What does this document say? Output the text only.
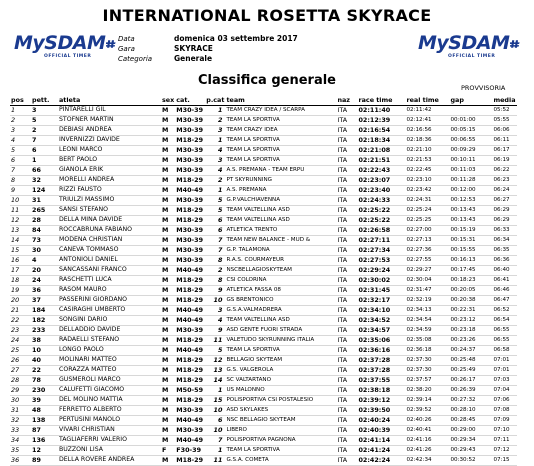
INTERNATIONAL ROSETTA SKYRACE
MySDAM
OFFICIAL TIMER
Data	domenica 03 settembre 2017
Gara	SKYRACE
Categoria	Generale
MySDAM
OFFICIAL TIMER
Classifica generale	PROVVISORIA
pos	pett.	atleta	sex	cat.	p.cat	team	naz	race time	real time	gap	media
1	3	PINTARELLI GIL	M	M30-39	1	TEAM CRAZY IDEA / SCARPA	ITA	02:11:40	02:11:42		05:52
2	5	STOFNER MARTIN	M	M30-39	2	TEAM LA SPORTIVA	ITA	02:12:39	02:12:41	00:01:00	05:55
3	2	DEBIASI ANDREA	M	M30-39	3	TEAM CRAZY IDEA	ITA	02:16:54	02:16:56	00:05:15	06:06
4	7	INVERNIZZI DAVIDE	M	M18-29	1	TEAM LA SPORTIVA	ITA	02:18:34	02:18:36	00:06:55	06:11
5	6	LEONI MARCO	M	M30-39	4	TEAM LA SPORTIVA	ITA	02:21:08	02:21:10	00:09:29	06:17
6	1	BERT PAOLO	M	M30-39	3	TEAM LA SPORTIVA	ITA	02:21:51	02:21:53	00:10:11	06:19
7	66	GIANOLA ERIK	M	M30-39	4	A.S. PREMANA - TEAM ERPU	ITA	02:22:43	02:22:45	00:11:03	06:22
8	32	MORELLI ANDREA	M	M18-29	2	PT SKYRUNNING	ITA	02:23:07	02:23:10	00:11:28	06:23
9	124	RIZZI FAUSTO	M	M40-49	1	A.S. PREMANA	ITA	02:23:40	02:23:42	00:12:00	06:24
10	31	TRIULZI MASSIMO	M	M30-39	5	G.P.VALCHIAVENNA	ITA	02:24:33	02:24:31	00:12:53	06:27
11	265	SANSI STEFANO	M	M18-29	5	TEAM VALTELLINA ASD	ITA	02:25:22	02:25:24	00:13:43	06:29
12	28	DELLA MINA DAVIDE	M	M18-29	6	TEAM VALTELLINA ASD	ITA	02:25:22	02:25:25	00:13:43	06:29
13	84	ROCCABRUNA FABIANO	M	M30-39	6	ATLETICA TRENTO	ITA	02:26:58	02:27:00	00:15:19	06:33
14	73	MODENA CHRISTIAN	M	M30-39	7	TEAM NEW BALANCE - MUD &	ITA	02:27:11	02:27:13	00:15:31	06:34
15	30	CANEVA TOMMASO	M	M30-39	7	G.P. TALAMONA	ITA	02:27:34	02:27:36	00:15:55	06:35
16	4	ANTONIOLI DANIEL	M	M30-39	8	R.A.S. COURMAYEUR	ITA	02:27:53	02:27:55	00:16:13	06:36
17	20	SANCASSANI FRANCO	M	M40-49	2	NSCBELLAGIOSKYTEAM	ITA	02:29:24	02:29:27	00:17:45	06:40
18	24	RASCHETTI LUCA	M	M18-29	8	CSI COLORINA	ITA	02:30:02	02:30:04	00:18:23	06:41
19	36	RASOM MAURO	M	M18-29	9	ATLETICA FASSA 08	ITA	02:31:45	02:31:47	00:20:05	06:46
20	37	PASSERINI GIORDANO	M	M18-29	10	GS BRENTONICO	ITA	02:32:17	02:32:19	00:20:38	06:47
21	184	CASIRAGHI UMBERTO	M	M40-49	3	G.S.A.VALMADRERA	ITA	02:34:10	02:34:13	00:22:31	06:52
22	182	SONGINI DARIO	M	M40-49	4	TEAM VALTELLINA ASD	ITA	02:34:52	02:34:54	00:23:12	06:54
23	233	DELLADDIO DAVIDE	M	M30-39	9	ASD GENTE FUORI STRADA	ITA	02:34:57	02:34:59	00:23:18	06:55
24	38	RADAELLI STEFANO	M	M18-29	11	VALETUDO SKYRUNNING ITALIA	ITA	02:35:06	02:35:08	00:23:26	06:55
25	10	LONGO PAOLO	M	M40-49	5	TEAM LA SPORTIVA	ITA	02:36:16	02:36:18	00:24:37	06:58
26	40	MOLINARI MATTEO	M	M18-29	12	BELLAGIO SKYTEAM	ITA	02:37:28	02:37:30	00:25:48	07:01
27	22	CORAZZA MATTEO	M	M18-29	13	G.S. VALGEROLA	ITA	02:37:28	02:37:30	00:25:49	07:01
28	78	GUSMEROLI MARCO	M	M18-29	14	SC VALTARTANO	ITA	02:37:55	02:37:57	00:26:17	07:03
29	230	CALUFETTI GIACOMO	M	M50-59	1	US MALONNO	ITA	02:38:18	02:38:20	00:26:39	07:04
30	39	DEL MOLINO MATTIA	M	M18-29	15	POLISPORTIVA CSI POSTALESIO	ITA	02:39:12	02:39:14	00:27:32	07:06
31	48	FERRETTO ALBERTO	M	M30-39	10	ASD SKYLAKES	ITA	02:39:50	02:39:52	00:28:10	07:08
32	138	PERTUSINI MANOLO	M	M40-49	6	NSC BELLAGIO SKYTEAM	ITA	02:40:24	02:40:26	00:28:45	07:09
33	87	VIVARI CHRISTIAN	M	M30-39	10	LIBERO	ITA	02:40:39	02:40:41	00:29:00	07:10
34	136	TAGLIAFERRI VALERIO	M	M40-49	7	POLISPORTIVA PAGNONA	ITA	02:41:14	02:41:16	00:29:34	07:11
35	12	BUZZONI LISA	F	F30-39	1	TEAM LA SPORTIVA	ITA	02:41:24	02:41:26	00:29:43	07:12
36	89	DELLA ROVERE ANDREA	M	M18-29	11	G.S.A. COMETA	ITA	02:42:24	02:42:34	00:30:52	07:15
